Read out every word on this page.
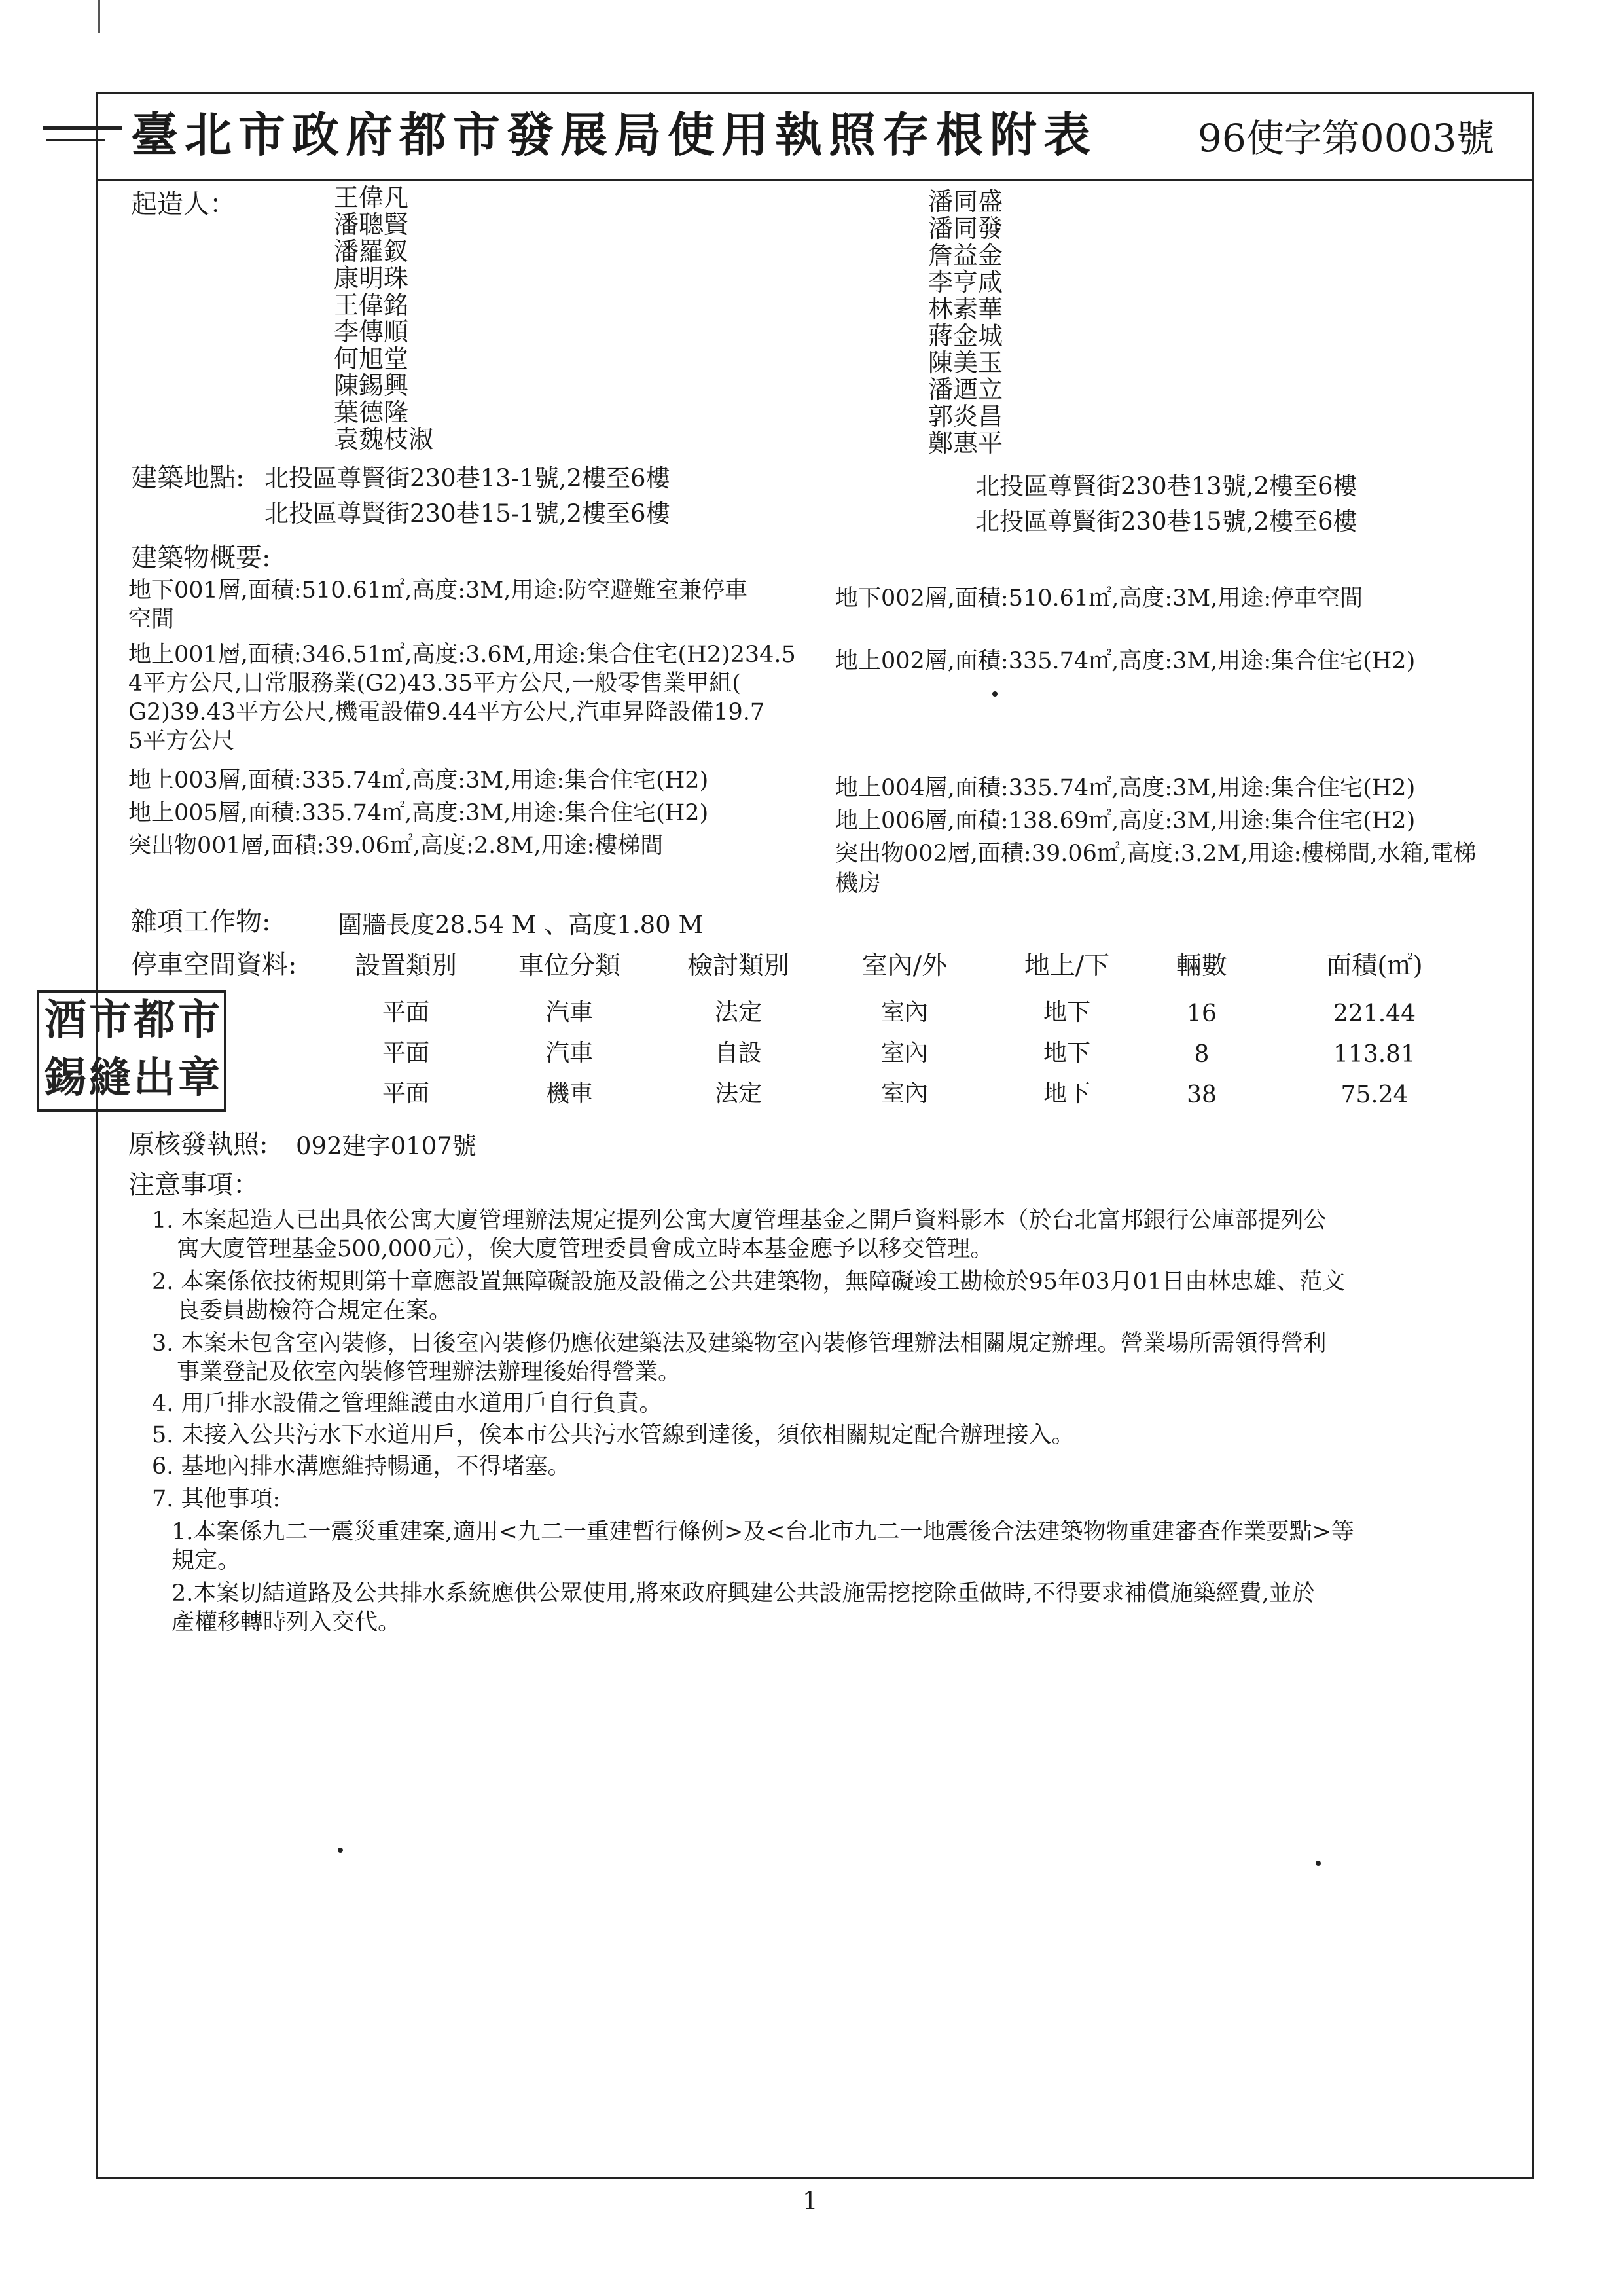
臺北市政府都市發展局使用執照存根附表	96使字第0003號
起造人：	王偉凡
潘聰賢
潘羅釵
康明珠
王偉銘
李傳順
何旭堂
陳錫興
葉德隆
袁魏枝淑
潘同盛
潘同發
詹益金
李亨咸
林素華
蔣金城
陳美玉
潘迺立
郭炎昌
鄭惠平
建築地點: 北投區尊賢街230巷13-1號,2樓至6樓
北投區尊賢街230巷15-1號,2樓至6樓
北投區尊賢街230巷13號,2樓至6樓
北投區尊賢街230巷15號,2樓至6樓
建築物概要:
地下001層,面積:510.61㎡,高度:3M,用途:防空避難室兼停車
空間
地下002層,面積:510.61㎡,高度:3M,用途:停車空間
地上001層,面積:346.51㎡,高度:3.6M,用途:集合住宅(H2)234.5
4平方公尺,日常服務業(G2)43.35平方公尺,一般零售業甲組(
G2)39.43平方公尺,機電設備9.44平方公尺,汽車昇降設備19.7
5平方公尺
地上002層,面積:335.74㎡,高度:3M,用途:集合住宅(H2)
地上003層,面積:335.74㎡,高度:3M,用途:集合住宅(H2)	地上004層,面積:335.74㎡,高度:3M,用途:集合住宅(H2)
地上005層,面積:335.74㎡,高度:3M,用途:集合住宅(H2)	地上006層,面積:138.69㎡,高度:3M,用途:集合住宅(H2)
突出物001層,面積:39.06㎡,高度:2.8M,用途:樓梯間	突出物002層,面積:39.06㎡,高度:3.2M,用途:樓梯間,水箱,電梯
機房
雜項工作物:	圍牆長度28.54 M 、高度1.80 M
停車空間資料:	設置類別	車位分類	檢討類別	室內/外	地上/下	輛數	面積(㎡)
平面	汽車	法定	室內	地下	16	221.44
平面	汽車	自設	室內	地下	8	113.81
平面	機車	法定	室內	地下	38	75.24
酒 市 都 市
錫 縫 出 章
原核發執照: 092建字0107號
注意事項：
1. 本案起造人已出具依公寓大廈管理辦法規定提列公寓大廈管理基金之開戶資料影本（於台北富邦銀行公庫部提列公
寓大廈管理基金500,000元），俟大廈管理委員會成立時本基金應予以移交管理。
2. 本案係依技術規則第十章應設置無障礙設施及設備之公共建築物，無障礙竣工勘檢於95年03月01日由林忠雄、范文
良委員勘檢符合規定在案。
3. 本案未包含室內裝修，日後室內裝修仍應依建築法及建築物室內裝修管理辦法相關規定辦理。營業場所需領得營利
事業登記及依室內裝修管理辦法辦理後始得營業。
4. 用戶排水設備之管理維護由水道用戶自行負責。
5. 未接入公共污水下水道用戶，俟本市公共污水管線到達後，須依相關規定配合辦理接入。
6. 基地內排水溝應維持暢通，不得堵塞。
7. 其他事項:
1.本案係九二一震災重建案,適用<九二一重建暫行條例>及<台北市九二一地震後合法建築物物重建審查作業要點>等
規定。
2.本案切結道路及公共排水系統應供公眾使用,將來政府興建公共設施需挖挖除重做時,不得要求補償施築經費,並於
產權移轉時列入交代。
1
